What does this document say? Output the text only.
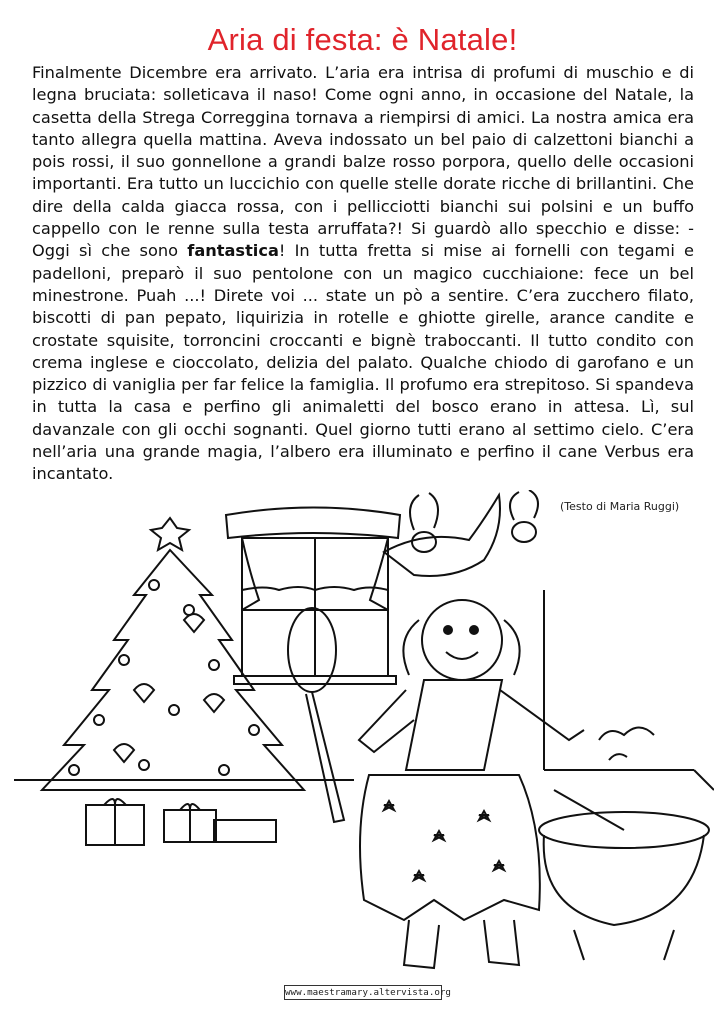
Aria di festa: è Natale!
Finalmente Dicembre era arrivato. L’aria era intrisa di profumi di muschio e di legna bruciata: solleticava il naso! Come ogni anno, in occasione del Natale, la casetta della Strega Correggina tornava a riempirsi di amici. La nostra amica era tanto allegra quella mattina. Aveva indossato un bel paio di calzettoni bianchi a pois rossi, il suo gonnellone a grandi balze rosso porpora, quello delle occasioni importanti. Era tutto un luccichio con quelle stelle dorate ricche di brillantini. Che dire della calda giacca rossa, con i pellicciotti bianchi sui polsini e un buffo cappello con le renne sulla testa arruffata?! Si guardò allo specchio e disse: - Oggi sì che sono fantastica! In tutta fretta si mise ai fornelli con tegami e padelloni, preparò il suo pentolone con un magico cucchiaione: fece un bel minestrone. Puah ...! Direte voi ... state un pò a sentire. C’era zucchero filato, biscotti di pan pepato, liquirizia in rotelle e ghiotte girelle, arance candite e crostate squisite, torroncini croccanti e bignè traboccanti. Il tutto condito con crema inglese e cioccolato, delizia del palato. Qualche chiodo di garofano e un pizzico di vaniglia per far felice la famiglia. Il profumo era strepitoso. Si spandeva in tutta la casa e perfino gli animaletti del bosco erano in attesa. Lì, sul davanzale con gli occhi sognanti. Quel giorno tutti erano al settimo cielo. C’era nell’aria una grande magia, l’albero era illuminato e perfino il cane Verbus era incantato.
(Testo di Maria Ruggi)
www.maestramary.altervista.org
